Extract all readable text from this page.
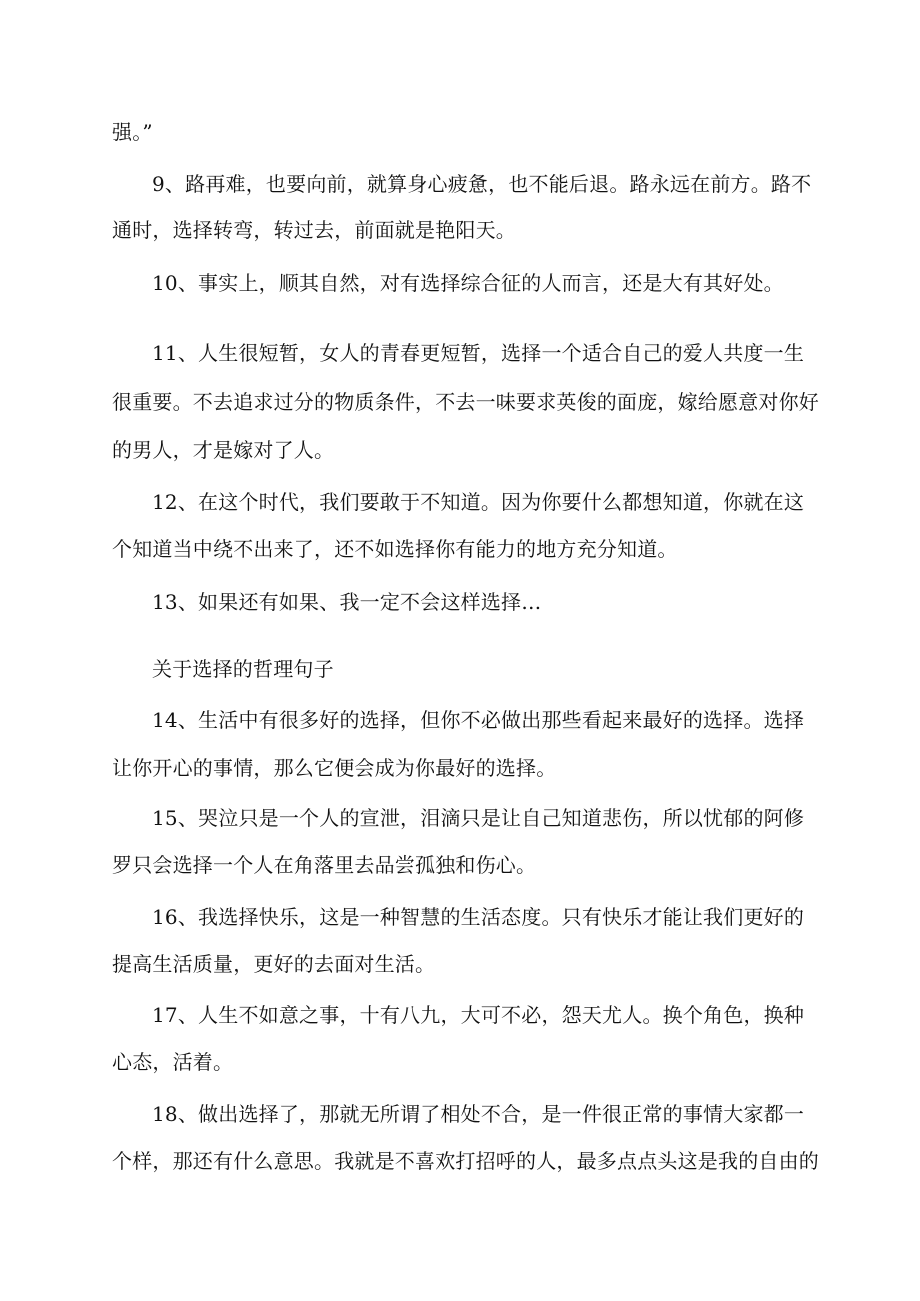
强。”
9、路再难，也要向前，就算身心疲惫，也不能后退。路永远在前方。路不
通时，选择转弯，转过去，前面就是艳阳天。
10、事实上，顺其自然，对有选择综合征的人而言，还是大有其好处。
11、人生很短暂，女人的青春更短暂，选择一个适合自己的爱人共度一生
很重要。不去追求过分的物质条件，不去一味要求英俊的面庞，嫁给愿意对你好
的男人，才是嫁对了人。
12、在这个时代，我们要敢于不知道。因为你要什么都想知道，你就在这
个知道当中绕不出来了，还不如选择你有能力的地方充分知道。
13、如果还有如果、我一定不会这样选择…
关于选择的哲理句子
14、生活中有很多好的选择，但你不必做出那些看起来最好的选择。选择
让你开心的事情，那么它便会成为你最好的选择。
15、哭泣只是一个人的宣泄，泪滴只是让自己知道悲伤，所以忧郁的阿修
罗只会选择一个人在角落里去品尝孤独和伤心。
16、我选择快乐，这是一种智慧的生活态度。只有快乐才能让我们更好的
提高生活质量，更好的去面对生活。
17、人生不如意之事，十有八九，大可不必，怨天尤人。换个角色，换种
心态，活着。
18、做出选择了，那就无所谓了相处不合，是一件很正常的事情大家都一
个样，那还有什么意思。我就是不喜欢打招呼的人，最多点点头这是我的自由的
